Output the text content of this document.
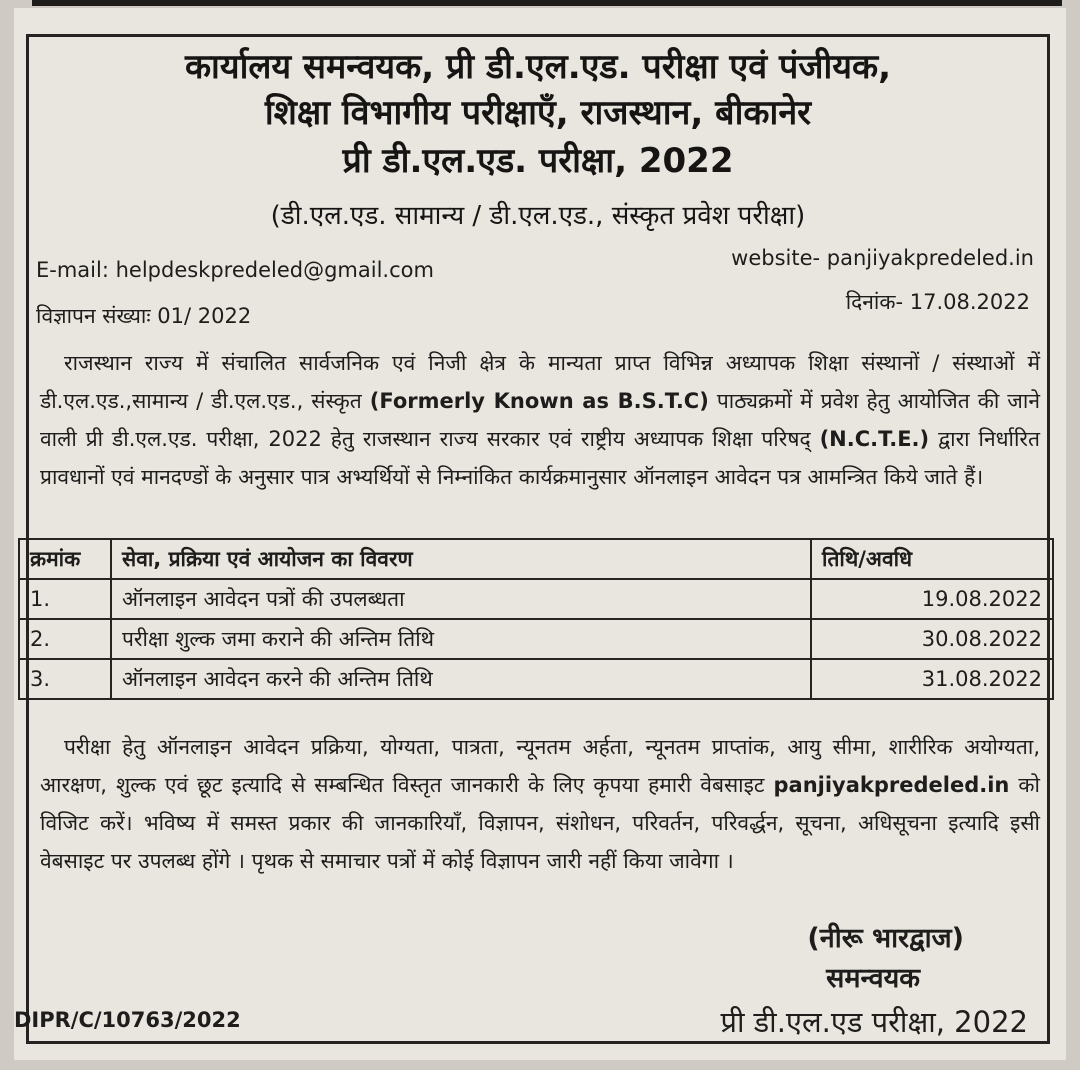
कार्यालय समन्वयक, प्री डी.एल.एड. परीक्षा एवं पंजीयक,
शिक्षा विभागीय परीक्षाएँ, राजस्थान, बीकानेर
प्री डी.एल.एड. परीक्षा, 2022
(डी.एल.एड. सामान्य / डी.एल.एड., संस्कृत प्रवेश परीक्षा)
E-mail: helpdeskpredeled@gmail.com	website- panjiyakpredeled.in
विज्ञापन संख्याः 01/ 2022
दिनांक- 17.08.2022
राजस्थान राज्य में संचालित सार्वजनिक एवं निजी क्षेत्र के मान्यता प्राप्त विभिन्न अध्यापक शिक्षा संस्थानों / संस्थाओं में डी.एल.एड.,सामान्य / डी.एल.एड., संस्कृत (Formerly Known as B.S.T.C) पाठ्यक्रमों में प्रवेश हेतु आयोजित की जाने वाली प्री डी.एल.एड. परीक्षा, 2022 हेतु राजस्थान राज्य सरकार एवं राष्ट्रीय अध्यापक शिक्षा परिषद् (N.C.T.E.) द्वारा निर्धारित प्रावधानों एवं मानदण्डों के अनुसार पात्र अभ्यर्थियों से निम्नांकित कार्यक्रमानुसार ऑनलाइन आवेदन पत्र आमन्त्रित किये जाते हैं।
क्रमांक	सेवा, प्रक्रिया एवं आयोजन का विवरण	तिथि/अवधि
1.	ऑनलाइन आवेदन पत्रों की उपलब्धता	19.08.2022
2.	परीक्षा शुल्क जमा कराने की अन्तिम तिथि	30.08.2022
3.	ऑनलाइन आवेदन करने की अन्तिम तिथि	31.08.2022
परीक्षा हेतु ऑनलाइन आवेदन प्रक्रिया, योग्यता, पात्रता, न्यूनतम अर्हता, न्यूनतम प्राप्तांक, आयु सीमा, शारीरिक अयोग्यता, आरक्षण, शुल्क एवं छूट इत्यादि से सम्बन्धित विस्तृत जानकारी के लिए कृपया हमारी वेबसाइट panjiyakpredeled.in को विजिट करें। भविष्य में समस्त प्रकार की जानकारियाँ, विज्ञापन, संशोधन, परिवर्तन, परिवर्द्धन, सूचना, अधिसूचना इत्यादि इसी वेबसाइट पर उपलब्ध होंगे । पृथक से समाचार पत्रों में कोई विज्ञापन जारी नहीं किया जावेगा ।
(नीरू भारद्वाज)
समन्वयक
प्री डी.एल.एड परीक्षा, 2022
DIPR/C/10763/2022
